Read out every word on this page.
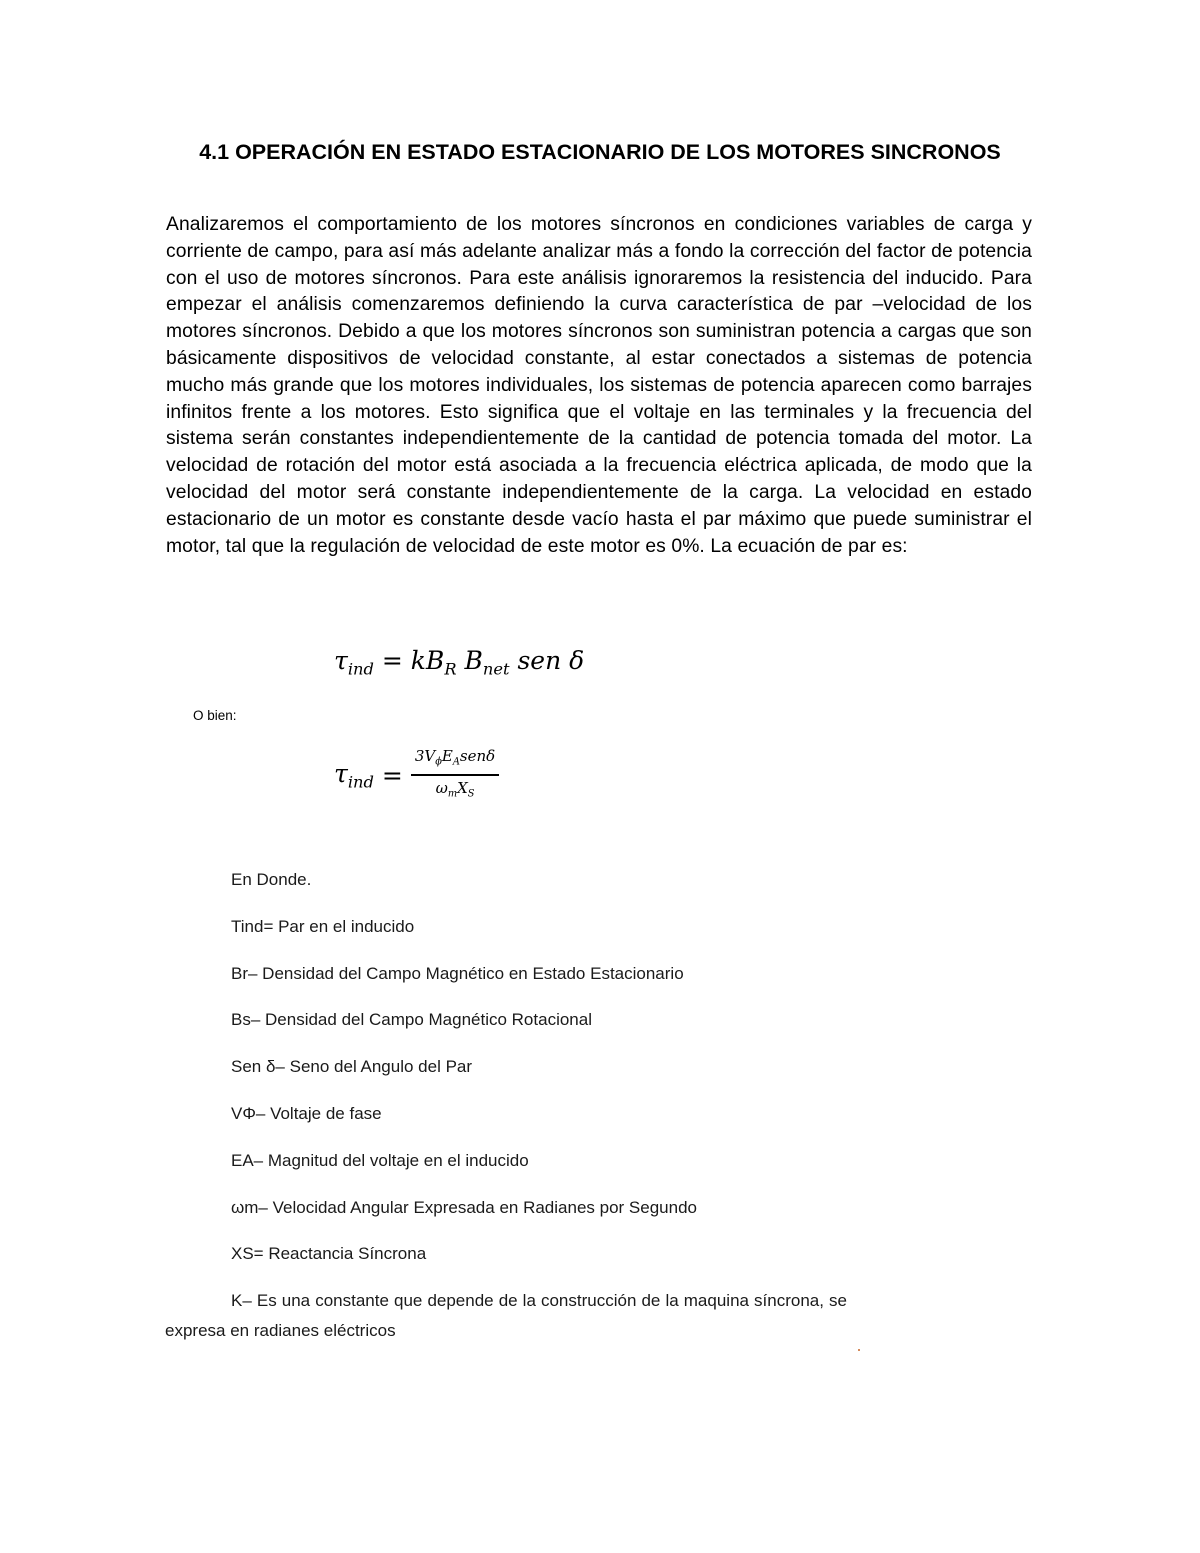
4.1 OPERACIÓN EN ESTADO ESTACIONARIO DE LOS MOTORES SINCRONOS
Analizaremos el comportamiento de los motores síncronos en condiciones variables de carga y corriente de campo, para así más adelante analizar más a fondo la corrección del factor de potencia con el uso de motores síncronos. Para este análisis ignoraremos la resistencia del inducido. Para empezar el análisis comenzaremos definiendo la curva característica de par –velocidad de los motores síncronos. Debido a que los motores síncronos son suministran potencia a cargas que son básicamente dispositivos de velocidad constante, al estar conectados a sistemas de potencia mucho más grande que los motores individuales, los sistemas de potencia aparecen como barrajes infinitos frente a los motores. Esto significa que el voltaje en las terminales y la frecuencia del sistema serán constantes independientemente de la cantidad de potencia tomada del motor. La velocidad de rotación del motor está asociada a la frecuencia eléctrica aplicada, de modo que la velocidad del motor será constante independientemente de la carga. La velocidad en estado estacionario de un motor es constante desde vacío hasta el par máximo que puede suministrar el motor, tal que la regulación de velocidad de este motor es 0%. La ecuación de par es:
$\tau_{ind} = kB_R$ $B_{net}$ sen δ
O bien:
$\tau_{ind} = \frac{3V_\phi E_Asen\delta}{\omega_mX_S}$
En Donde.
Tind= Par en el inducido
Br– Densidad del Campo Magnético en Estado Estacionario
Bs– Densidad del Campo Magnético Rotacional
Sen δ– Seno del Angulo del Par
VΦ– Voltaje de fase
EA– Magnitud del voltaje en el inducido
ωm– Velocidad Angular Expresada en Radianes por Segundo
XS= Reactancia Síncrona
K– Es una constante que depende de la construcción de la maquina síncrona, se expresa en radianes eléctricos
